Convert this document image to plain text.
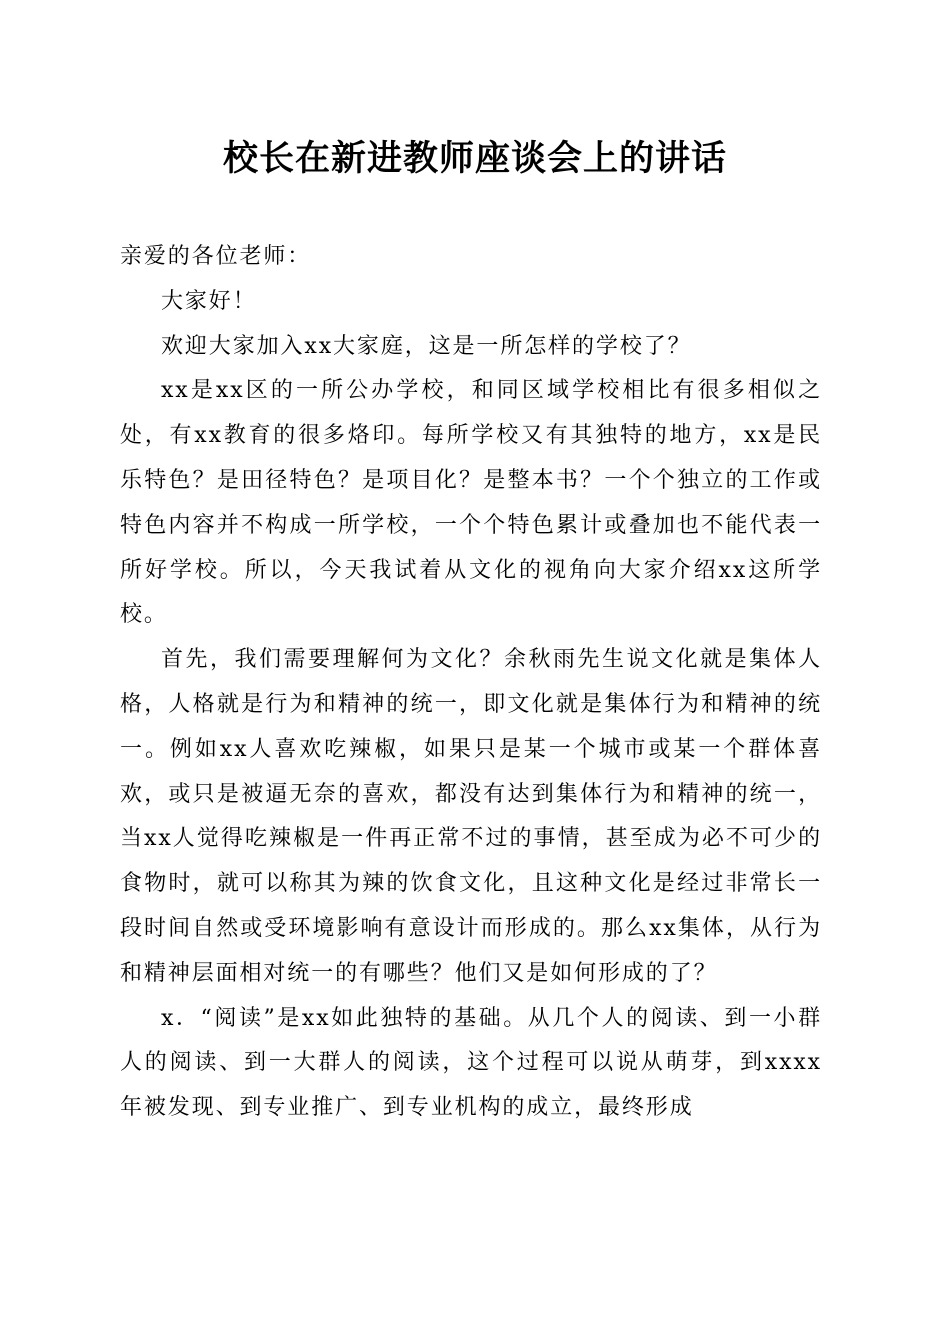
校长在新进教师座谈会上的讲话

亲爱的各位老师：

大家好！

欢迎大家加入xx大家庭，这是一所怎样的学校了？

xx是xx区的一所公办学校，和同区域学校相比有很多相似之处，有xx教育的很多烙印。每所学校又有其独特的地方，xx是民乐特色？是田径特色？是项目化？是整本书？一个个独立的工作或特色内容并不构成一所学校，一个个特色累计或叠加也不能代表一所好学校。所以，今天我试着从文化的视角向大家介绍xx这所学校。

首先，我们需要理解何为文化？余秋雨先生说文化就是集体人格，人格就是行为和精神的统一，即文化就是集体行为和精神的统一。例如xx人喜欢吃辣椒，如果只是某一个城市或某一个群体喜欢，或只是被逼无奈的喜欢，都没有达到集体行为和精神的统一，当xx人觉得吃辣椒是一件再正常不过的事情，甚至成为必不可少的食物时，就可以称其为辣的饮食文化，且这种文化是经过非常长一段时间自然或受环境影响有意设计而形成的。那么xx集体，从行为和精神层面相对统一的有哪些？他们又是如何形成的了？

x．“阅读”是xx如此独特的基础。从几个人的阅读、到一小群人的阅读、到一大群人的阅读，这个过程可以说从萌芽，到xxxx年被发现、到专业推广、到专业机构的成立，最终形成
